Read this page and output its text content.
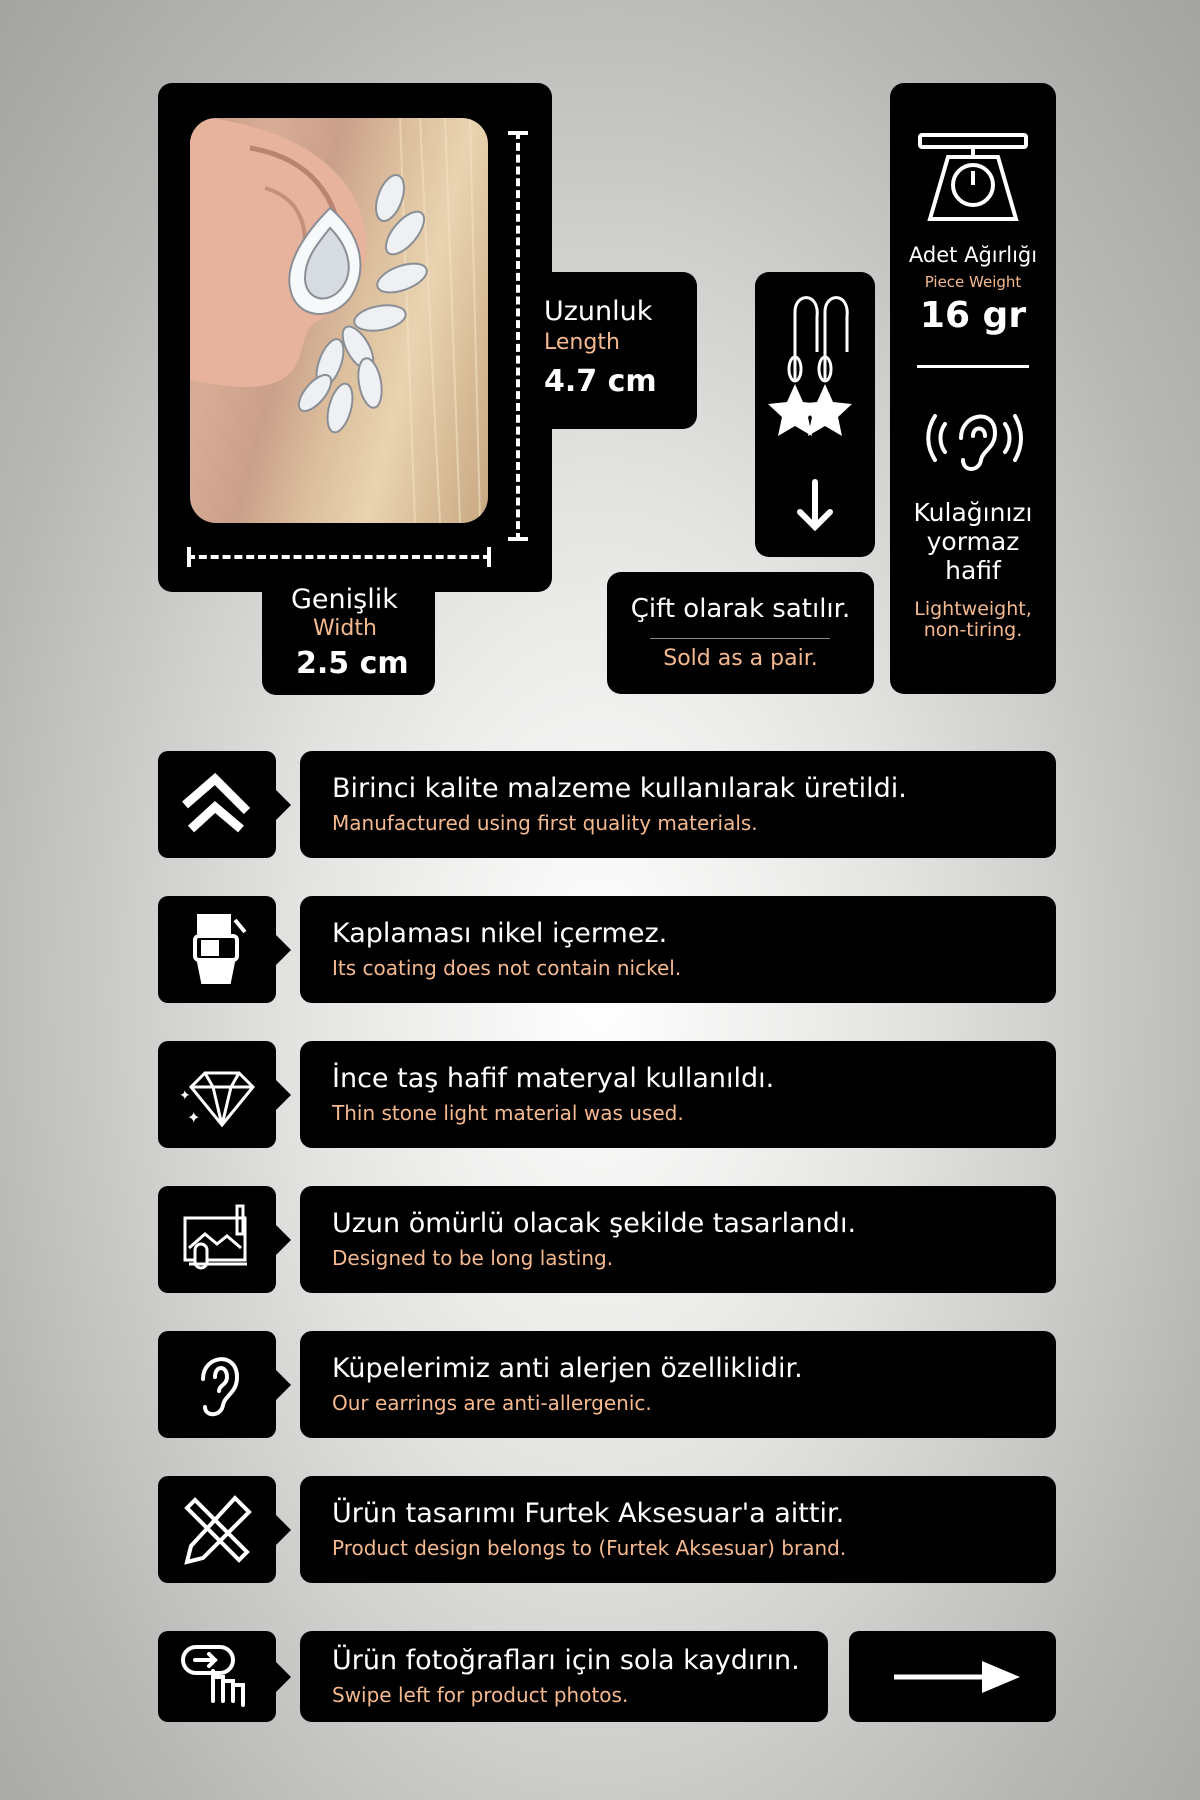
Uzunluk
Length
4.7 cm
Genişlik
Width
2.5 cm
Çift olarak satılır.
Sold as a pair.
Adet Ağırlığı
Piece Weight
16 gr
Kulağınızı
yormaz
hafif
Lightweight,
non-tiring.
Birinci kalite malzeme kullanılarak üretildi.
Manufactured using first quality materials.
Kaplaması nikel içermez.
Its coating does not contain nickel.
✦
✦
İnce taş hafif materyal kullanıldı.
Thin stone light material was used.
Uzun ömürlü olacak şekilde tasarlandı.
Designed to be long lasting.
Küpelerimiz anti alerjen özelliklidir.
Our earrings are anti-allergenic.
Ürün tasarımı Furtek Aksesuar'a aittir.
Product design belongs to (Furtek Aksesuar) brand.
Ürün fotoğrafları için sola kaydırın.
Swipe left for product photos.
